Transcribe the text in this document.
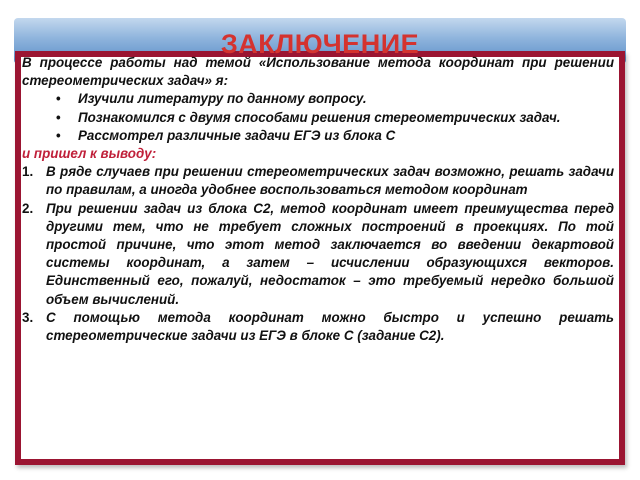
ЗАКЛЮЧЕНИЕ

В процессе работы над темой «Использование метода координат при решении стереометрических задач» я:

• Изучили литературу по данному вопросу.
• Познакомился с двумя способами решения стереометрических задач.
• Рассмотрел различные задачи ЕГЭ из блока С

и пришел к выводу:

1. В ряде случаев при решении стереометрических задач возможно, решать задачи по правилам, а иногда удобнее воспользоваться методом координат
2. При решении задач из блока С2, метод координат имеет преимущества перед другими тем, что не требует сложных построений в проекциях. По той простой причине, что этот метод заключается во введении декартовой системы координат, а затем – исчислении образующихся векторов. Единственный его, пожалуй, недостаток – это требуемый нередко большой объем вычислений.
3. С помощью метода координат можно быстро и успешно решать стереометрические задачи из ЕГЭ в блоке С (задание С2).
